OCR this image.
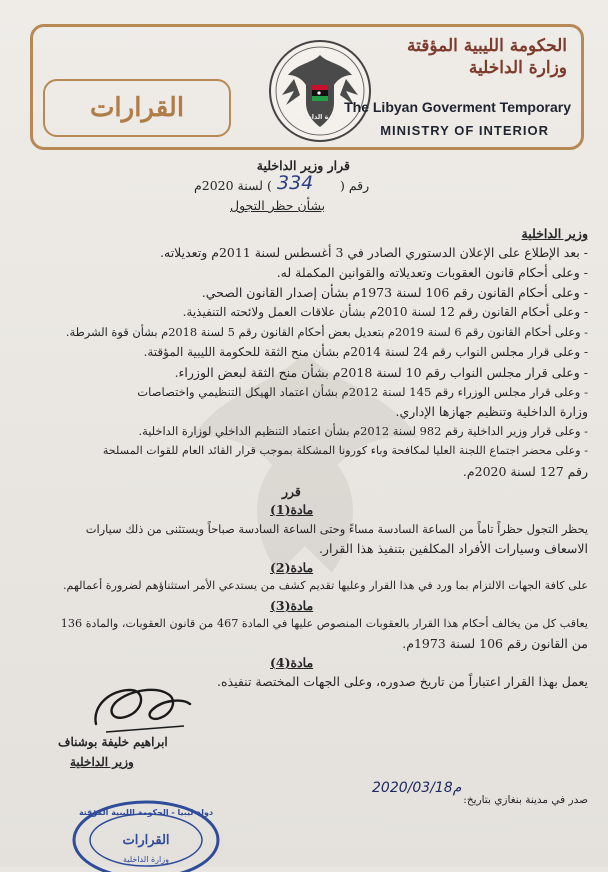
القرارات	وزارة الداخلية
الحكومة الليبية المؤقتة
وزارة الداخلية
The Libyan Goverment Temporary
MINISTRY OF INTERIOR
قرار وزير الداخلية
رقم (
334
) لسنة 2020م
بشأن حظر التجول
وزير الداخلية
- بعد الإطلاع على الإعلان الدستوري الصادر في 3 أغسطس لسنة 2011م وتعديلاته.
- وعلى أحكام قانون العقوبات وتعديلاته والقوانين المكملة له.
- وعلى أحكام القانون رقم 106 لسنة 1973م بشأن إصدار القانون الصحي.
- وعلى أحكام القانون رقم 12 لسنة 2010م بشأن علاقات العمل ولائحته التنفيذية.
- وعلى أحكام القانون رقم 6 لسنة 2019م بتعديل بعض أحكام القانون رقم 5 لسنة 2018م بشأن قوة الشرطة.
- وعلى قرار مجلس النواب رقم 24 لسنة 2014م بشأن منح الثقة للحكومة الليبية المؤقتة.
- وعلى قرار مجلس النواب رقم 10 لسنة 2018م بشأن منح الثقة لبعض الوزراء.
- وعلى قرار مجلس الوزراء رقم 145 لسنة 2012م بشأن اعتماد الهيكل التنظيمي واختصاصات
وزارة الداخلية وتنظيم جهازها الإداري.
- وعلى قرار وزير الداخلية رقم 982 لسنة 2012م بشأن اعتماد التنظيم الداخلي لوزارة الداخلية.
- وعلى محضر اجتماع اللجنة العليا لمكافحة وباء كورونا المشكلة بموجب قرار القائد العام للقوات المسلحة
رقم 127 لسنة 2020م.
قرر
مادة(1)
يحظر التجول حظراً تاماً من الساعة السادسة مساءً وحتى الساعة السادسة صباحاً ويستثنى من ذلك سيارات
الاسعاف وسيارات الأفراد المكلفين بتنفيذ هذا القرار.
مادة(2)
على كافة الجهات الالتزام بما ورد في هذا القرار وعليها تقديم كشف من يستدعي الأمر استثناؤهم لضرورة أعمالهم.
مادة(3)
يعاقب كل من يخالف أحكام هذا القرار بالعقوبات المنصوص عليها في المادة 467 من قانون العقوبات، والمادة 136
من القانون رقم 106 لسنة 1973م.
مادة(4)
يعمل بهذا القرار اعتباراً من تاريخ صدوره، وعلى الجهات المختصة تنفيذه.
ابراهيم خليفة بوشناف
وزير الداخلية
صدر في مدينة بنغازي بتاريخ:
2020/03/18م
دولة ليبيا - الحكومة الليبية المؤقتة
القرارات
وزارة الداخلية
